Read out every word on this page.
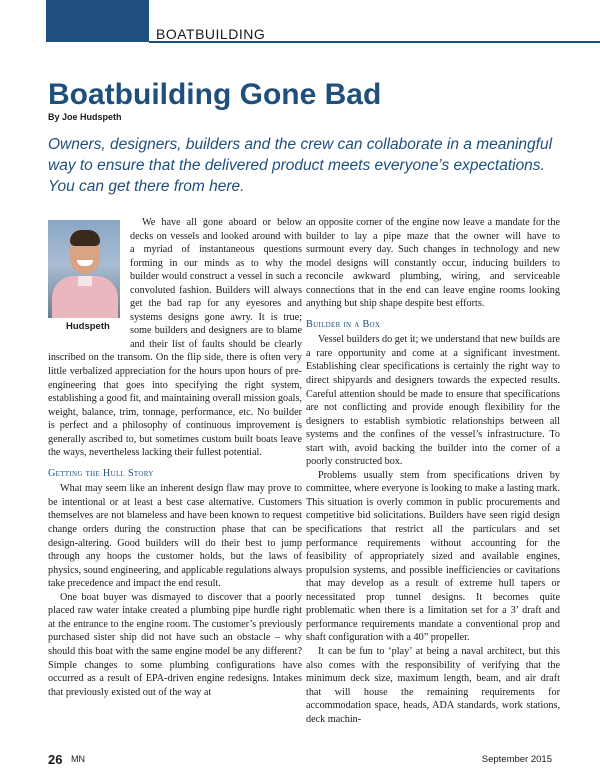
BOATBUILDING
Boatbuilding Gone Bad
By Joe Hudspeth

Owners, designers, builders and the crew can collaborate in a meaningful way to ensure that the delivered product meets everyone’s expectations. You can get there from here.

Hudspeth

We have all gone aboard or below decks on vessels and looked around with a myriad of instantaneous questions forming in our minds as to why the builder would construct a vessel in such a convoluted fashion. Builders will always get the bad rap for any eyesores and systems designs gone awry. It is true; some builders and designers are to blame and their list of faults should be clearly inscribed on the transom. On the flip side, there is often very little verbalized appreciation for the hours upon hours of pre-engineering that goes into specifying the right system, establishing a good fit, and maintaining overall mission goals, weight, balance, trim, tonnage, performance, etc. No builder is perfect and a philosophy of continuous improvement is generally ascribed to, but sometimes custom built boats leave the ways, nevertheless lacking their fullest potential.

Getting the Hull Story

What may seem like an inherent design flaw may prove to be intentional or at least a best case alternative. Customers themselves are not blameless and have been known to request change orders during the construction phase that can be design-altering. Good builders will do their best to jump through any hoops the customer holds, but the laws of physics, sound engineering, and applicable regulations always take precedence and impact the end result.

One boat buyer was dismayed to discover that a poorly placed raw water intake created a plumbing pipe hurdle right at the entrance to the engine room. The customer’s previously purchased sister ship did not have such an obstacle – why should this boat with the same engine model be any different? Simple changes to some plumbing configurations have occurred as a result of EPA-driven engine redesigns. Intakes that previously existed out of the way at

an opposite corner of the engine now leave a mandate for the builder to lay a pipe maze that the owner will have to surmount every day. Such changes in technology and new model designs will constantly occur, inducing builders to reconcile awkward plumbing, wiring, and serviceable connections that in the end can leave engine rooms looking anything but ship shape despite best efforts.

Builder in a Box

Vessel builders do get it; we understand that new builds are a rare opportunity and come at a significant investment. Establishing clear specifications is certainly the right way to direct shipyards and designers towards the expected results. Careful attention should be made to ensure that specifications are not conflicting and provide enough flexibility for the designers to establish symbiotic relationships between all systems and the confines of the vessel’s infrastructure. To start with, avoid backing the builder into the corner of a poorly constructed box.

Problems usually stem from specifications driven by committee, where everyone is looking to make a lasting mark. This situation is overly common in public procurements and competitive bid solicitations. Builders have seen rigid design specifications that restrict all the particulars and set performance requirements without accounting for the feasibility of appropriately sized and available engines, propulsion systems, and possible inefficiencies or cavitations that may develop as a result of extreme hull tapers or necessitated prop tunnel designs. It becomes quite problematic when there is a limitation set for a 3’ draft and performance requirements mandate a conventional prop and shaft configuration with a 40” propeller.

It can be fun to ‘play’ at being a naval architect, but this also comes with the responsibility of verifying that the minimum deck size, maximum length, beam, and air draft that will house the remaining requirements for accommodation space, heads, ADA standards, work stations, deck machin-

26 MN	September 2015
